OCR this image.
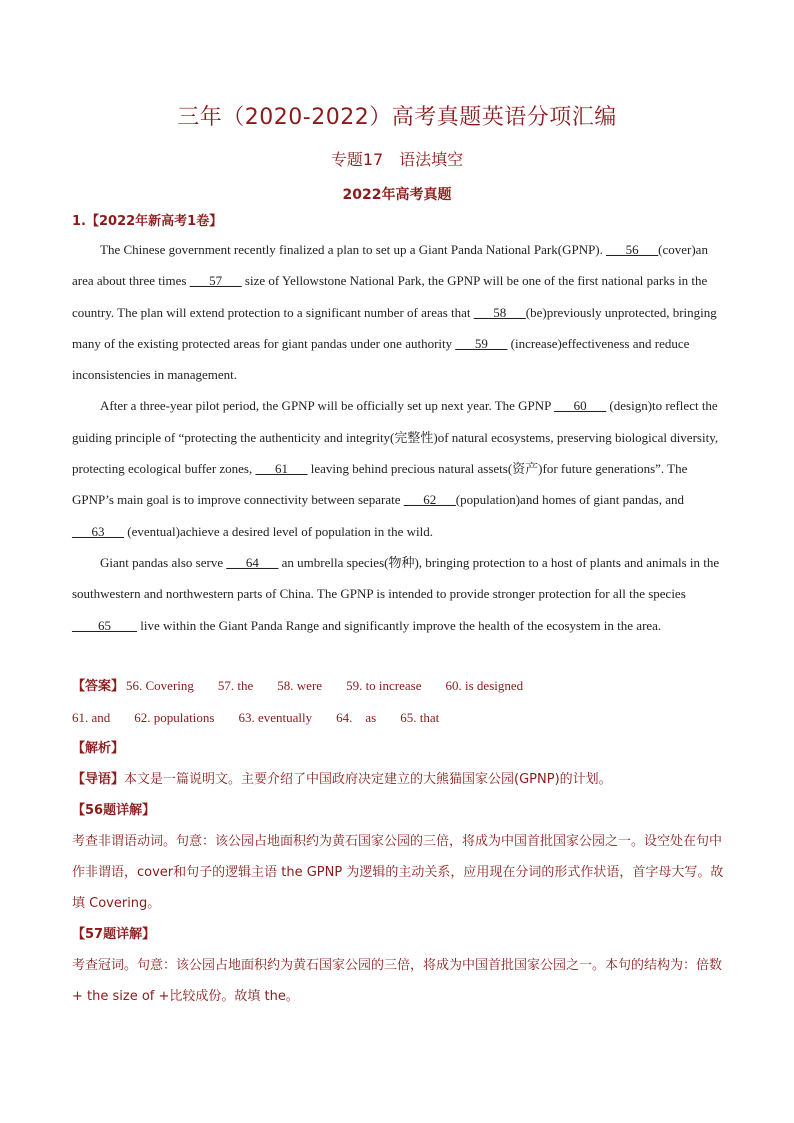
三年（2020-2022）高考真题英语分项汇编
专题17　语法填空
2022年高考真题
1.【2022年新高考1卷】

The Chinese government recently finalized a plan to set up a Giant Panda National Park(GPNP). ___56___(cover)an area about three times ___57___ size of Yellowstone National Park, the GPNP will be one of the first national parks in the country. The plan will extend protection to a significant number of areas that ___58___(be)previously unprotected, bringing many of the existing protected areas for giant pandas under one authority ___59___ (increase)effectiveness and reduce inconsistencies in management.

After a three-year pilot period, the GPNP will be officially set up next year. The GPNP ___60___ (design)to reflect the guiding principle of “protecting the authenticity and integrity(完整性)of natural ecosystems, preserving biological diversity, protecting ecological buffer zones, ___61___ leaving behind precious natural assets(资产)for future generations”. The GPNP’s main goal is to improve connectivity between separate ___62___(population)and homes of giant pandas, and ___63___ (eventual)achieve a desired level of population in the wild.

Giant pandas also serve ___64___ an umbrella species(物种), bringing protection to a host of plants and animals in the southwestern and northwestern parts of China. The GPNP is intended to provide stronger protection for all the species ____65____ live within the Giant Panda Range and significantly improve the health of the ecosystem in the area.

【答案】 56. Covering 57. the 58. were 59. to increase 60. is designed
61. and 62. populations 63. eventually 64.　as 65. that
【解析】
【导语】本文是一篇说明文。主要介绍了中国政府决定建立的大熊猫国家公园(GPNP)的计划。
【56题详解】
考查非谓语动词。句意：该公园占地面积约为黄石国家公园的三倍，将成为中国首批国家公园之一。设空处在句中作非谓语，cover和句子的逻辑主语 the GPNP 为逻辑的主动关系，应用现在分词的形式作状语，首字母大写。故填 Covering。
【57题详解】
考查冠词。句意：该公园占地面积约为黄石国家公园的三倍，将成为中国首批国家公园之一。本句的结构为：倍数+ the size of +比较成份。故填 the。
